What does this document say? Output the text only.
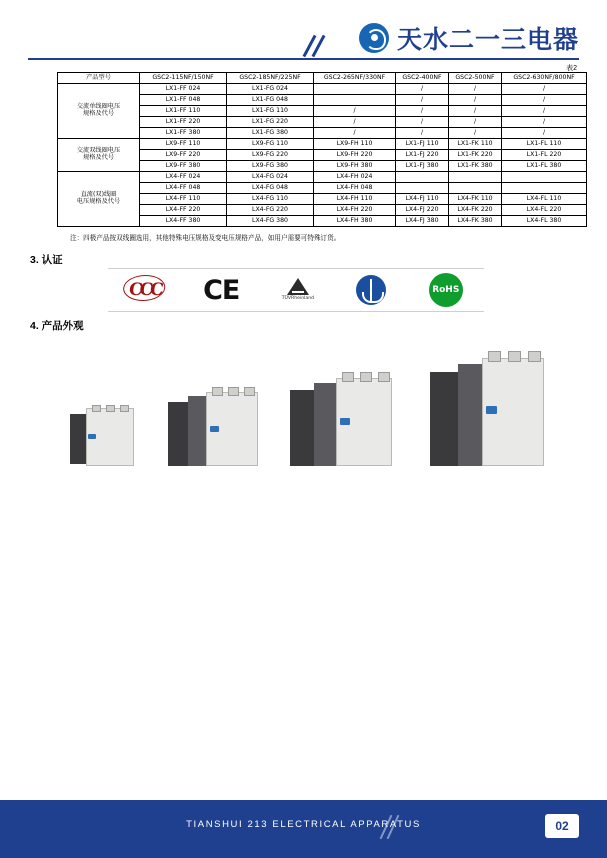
天水二一三电器
表2
产品型号	GSC2-115NF/150NF	GSC2-185NF/225NF	GSC2-265NF/330NF	GSC2-400NF	GSC2-500NF	GSC2-630NF/800NF
交流单线圈电压
规格及代号	LX1-FF 024	LX1-FG 024		/	/	/
	LX1-FF 048	LX1-FG 048		/	/	/
	LX1-FF 110	LX1-FG 110	/	/	/	/
	LX1-FF 220	LX1-FG 220	/	/	/	/
	LX1-FF 380	LX1-FG 380	/	/	/	/
交流双线圈电压
规格及代号	LX9-FF 110	LX9-FG 110	LX9-FH 110	LX1-FJ 110	LX1-FK 110	LX1-FL 110
	LX9-FF 220	LX9-FG 220	LX9-FH 220	LX1-FJ 220	LX1-FK 220	LX1-FL 220
	LX9-FF 380	LX9-FG 380	LX9-FH 380	LX1-FJ 380	LX1-FK 380	LX1-FL 380
直流(双)线圈
电压规格及代号	LX4-FF 024	LX4-FG 024	LX4-FH 024			
	LX4-FF 048	LX4-FG 048	LX4-FH 048			
	LX4-FF 110	LX4-FG 110	LX4-FH 110	LX4-FJ 110	LX4-FK 110	LX4-FL 110
	LX4-FF 220	LX4-FG 220	LX4-FH 220	LX4-FJ 220	LX4-FK 220	LX4-FL 220
	LX4-FF 380	LX4-FG 380	LX4-FH 380	LX4-FJ 380	LX4-FK 380	LX4-FL 380
注：四极产品按双线圈选用，其他特殊电压规格及变电压规格产品，如用户需要可特殊订货。
3. 认证
CCC CE	TÜVRheinland
RoHS
4. 产品外观
TIANSHUI 213 ELECTRICAL APPARATUS	02
